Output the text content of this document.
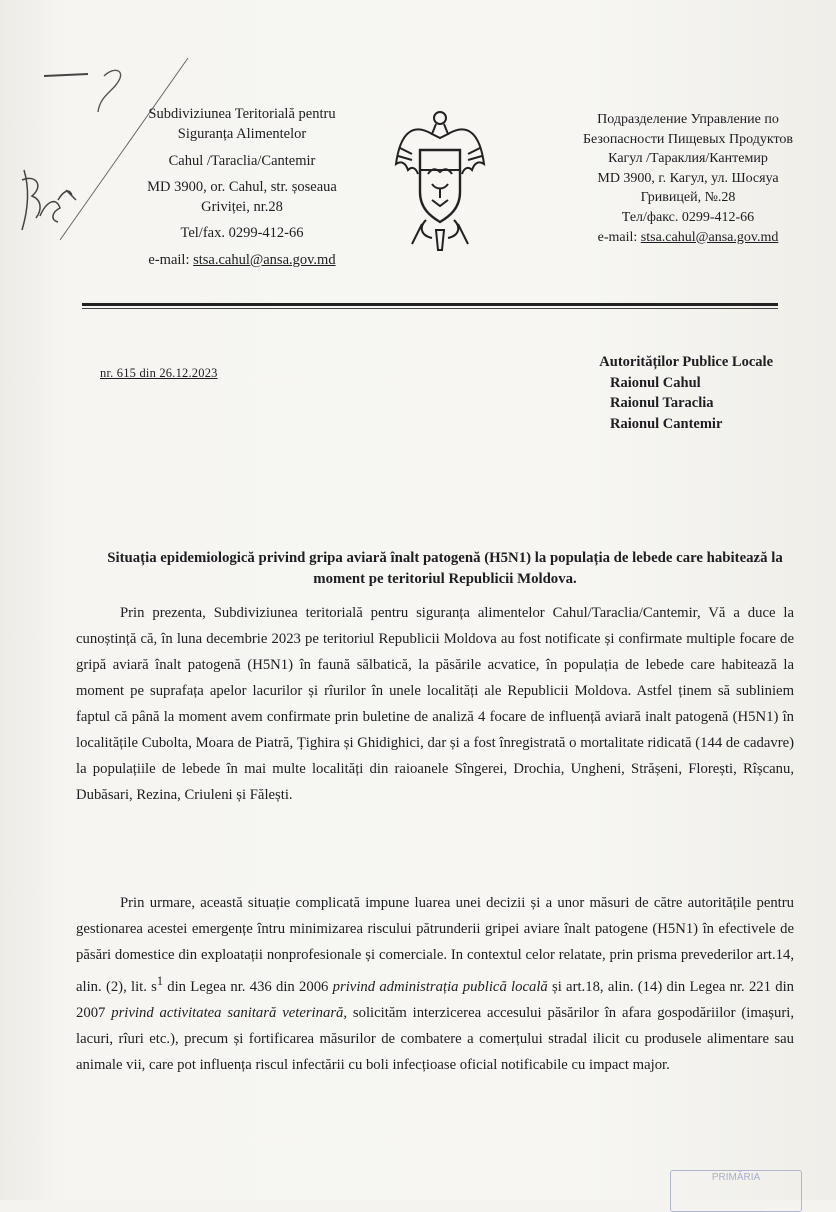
Subdiviziunea Teritorială pentru
Siguranța Alimentelor
Cahul /Taraclia/Cantemir
MD 3900, or. Cahul, str. șoseaua
Griviței, nr.28
Tel/fax. 0299-412-66
e-mail: stsa.cahul@ansa.gov.md
Подразделение Управление по
Безопасности Пищевых Продуктов
Кагул /Тараклия/Кантемир
MD 3900, г. Кагул, ул. Шосяуа
Гривицей, №.28
Тел/факс. 0299-412-66
e-mail: stsa.cahul@ansa.gov.md
nr. 615 din 26.12.2023
Autorităților Publice Locale
Raionul Cahul
Raionul Taraclia
Raionul Cantemir
Situația epidemiologică privind gripa aviară înalt patogenă (H5N1) la populația de lebede care habitează la moment pe teritoriul Republicii Moldova.
Prin prezenta, Subdiviziunea teritorială pentru siguranța alimentelor Cahul/Taraclia/Cantemir, Vă a duce la cunoștință că, în luna decembrie 2023 pe teritoriul Republicii Moldova au fost notificate și confirmate multiple focare de gripă aviară înalt patogenă (H5N1) în faună sălbatică, la păsările acvatice, în populația de lebede care habitează la moment pe suprafața apelor lacurilor și rîurilor în unele localități ale Republicii Moldova. Astfel ținem să subliniem faptul că până la moment avem confirmate prin buletine de analiză 4 focare de influență aviară inalt patogenă (H5N1) în localitățile Cubolta, Moara de Piatră, Țighira și Ghidighici, dar și a fost înregistrată o mortalitate ridicată (144 de cadavre) la populațiile de lebede în mai multe localități din raioanele Sîngerei, Drochia, Ungheni, Strășeni, Florești, Rîșcanu, Dubăsari, Rezina, Criuleni și Fălești.
Prin urmare, această situație complicată impune luarea unei decizii și a unor măsuri de către autoritățile pentru gestionarea acestei emergențe întru minimizarea riscului pătrunderii gripei aviare înalt patogene (H5N1) în efectivele de păsări domestice din exploatații nonprofesionale și comerciale. In contextul celor relatate, prin prisma prevederilor art.14, alin. (2), lit. $s^1$ din Legea nr. 436 din 2006 privind administrația publică locală și art.18, alin. (14) din Legea nr. 221 din 2007 privind activitatea sanitară veterinară, solicităm interzicerea accesului păsărilor în afara gospodăriilor (imașuri, lacuri, rîuri etc.), precum și fortificarea măsurilor de combatere a comerțului stradal ilicit cu produsele alimentare sau animale vii, care pot influența riscul infectării cu boli infecțioase oficial notificabile cu impact major.
PRIMĂRIA
